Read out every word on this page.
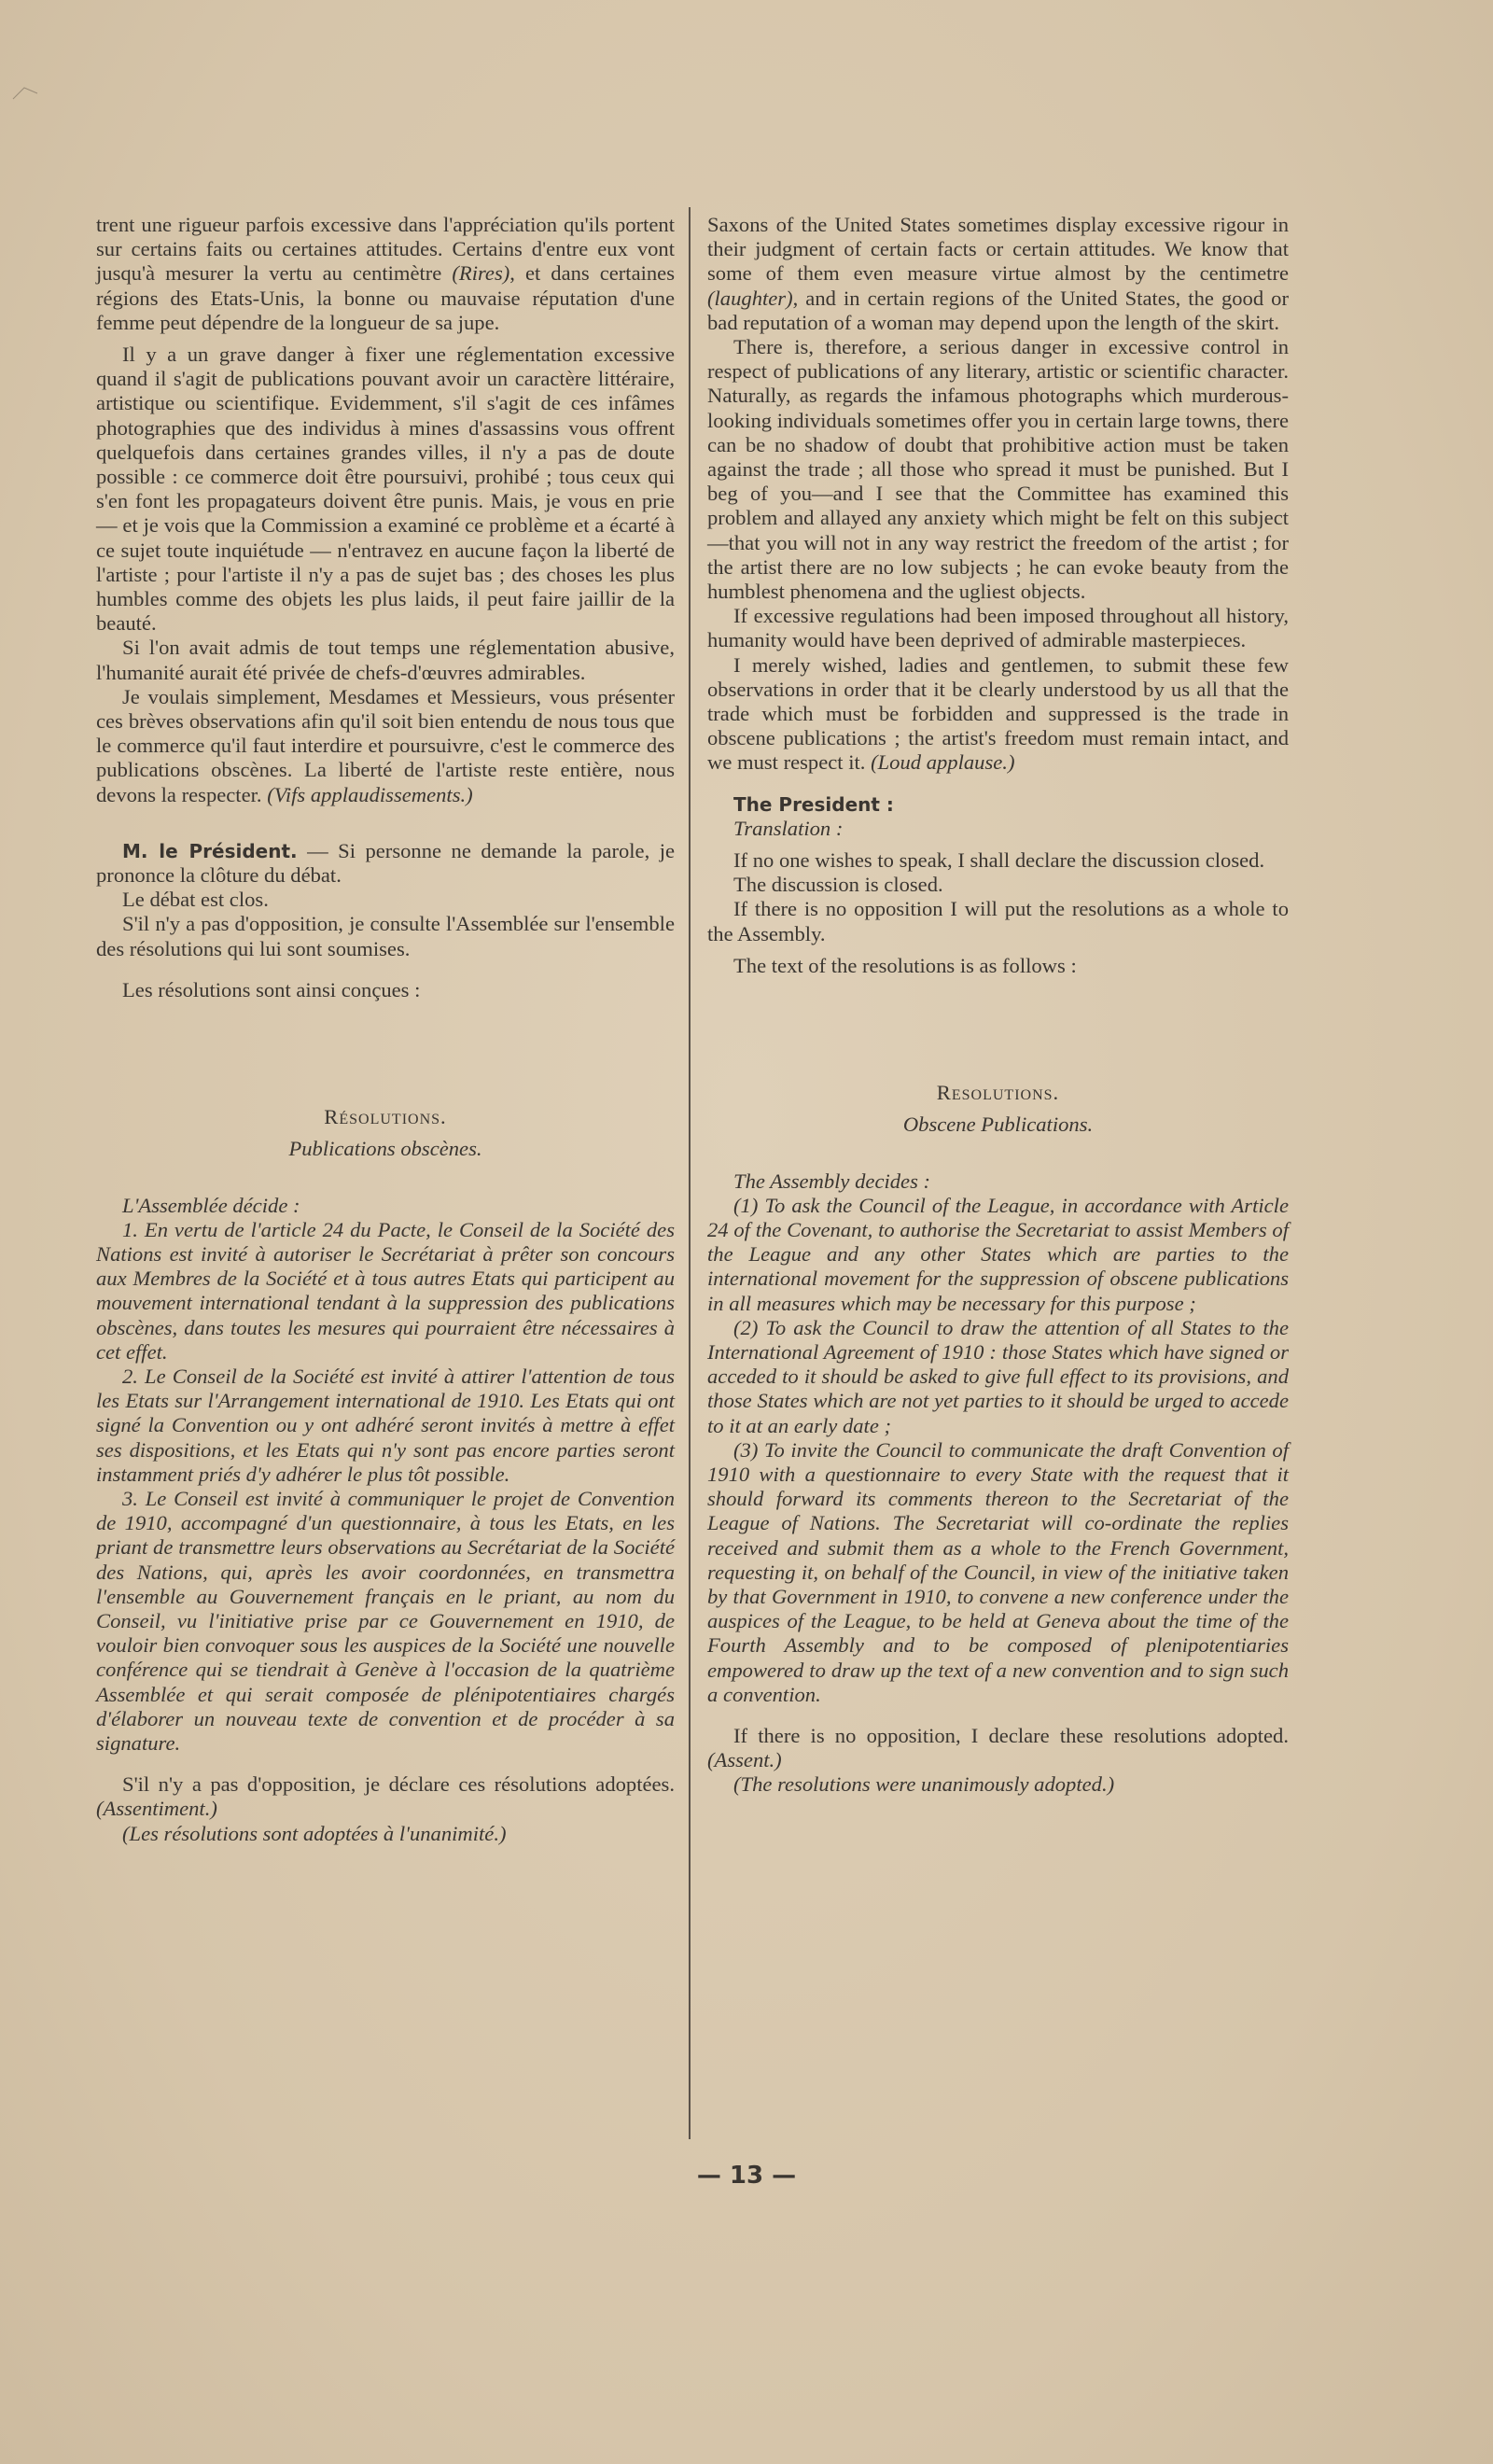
trent une rigueur parfois excessive dans l'appréciation qu'ils portent sur certains faits ou certaines attitudes. Certains d'entre eux vont jusqu'à mesurer la vertu au centimètre (Rires), et dans certaines régions des Etats-Unis, la bonne ou mauvaise réputation d'une femme peut dépendre de la longueur de sa jupe.

Il y a un grave danger à fixer une réglementation excessive quand il s'agit de publications pouvant avoir un caractère littéraire, artistique ou scientifique. Evidemment, s'il s'agit de ces infâmes photographies que des individus à mines d'assassins vous offrent quelquefois dans certaines grandes villes, il n'y a pas de doute possible : ce commerce doit être poursuivi, prohibé ; tous ceux qui s'en font les propagateurs doivent être punis. Mais, je vous en prie — et je vois que la Commission a examiné ce problème et a écarté à ce sujet toute inquiétude — n'entravez en aucune façon la liberté de l'artiste ; pour l'artiste il n'y a pas de sujet bas ; des choses les plus humbles comme des objets les plus laids, il peut faire jaillir de la beauté.

Si l'on avait admis de tout temps une réglementation abusive, l'humanité aurait été privée de chefs-d'œuvres admirables.

Je voulais simplement, Mesdames et Messieurs, vous présenter ces brèves observations afin qu'il soit bien entendu de nous tous que le commerce qu'il faut interdire et poursuivre, c'est le commerce des publications obscènes. La liberté de l'artiste reste entière, nous devons la respecter. (Vifs applaudissements.)

M. le Président. — Si personne ne demande la parole, je prononce la clôture du débat.

Le débat est clos.

S'il n'y a pas d'opposition, je consulte l'Assemblée sur l'ensemble des résolutions qui lui sont soumises.

Les résolutions sont ainsi conçues :

Résolutions.

Publications obscènes.

L'Assemblée décide :

1. En vertu de l'article 24 du Pacte, le Conseil de la Société des Nations est invité à autoriser le Secrétariat à prêter son concours aux Membres de la Société et à tous autres Etats qui participent au mouvement international tendant à la suppression des publications obscènes, dans toutes les mesures qui pourraient être nécessaires à cet effet.

2. Le Conseil de la Société est invité à attirer l'attention de tous les Etats sur l'Arrangement international de 1910. Les Etats qui ont signé la Convention ou y ont adhéré seront invités à mettre à effet ses dispositions, et les Etats qui n'y sont pas encore parties seront instamment priés d'y adhérer le plus tôt possible.

3. Le Conseil est invité à communiquer le projet de Convention de 1910, accompagné d'un questionnaire, à tous les Etats, en les priant de transmettre leurs observations au Secrétariat de la Société des Nations, qui, après les avoir coordonnées, en transmettra l'ensemble au Gouvernement français en le priant, au nom du Conseil, vu l'initiative prise par ce Gouvernement en 1910, de vouloir bien convoquer sous les auspices de la Société une nouvelle conférence qui se tiendrait à Genève à l'occasion de la quatrième Assemblée et qui serait composée de plénipotentiaires chargés d'élaborer un nouveau texte de convention et de procéder à sa signature.

S'il n'y a pas d'opposition, je déclare ces résolutions adoptées. (Assentiment.)

(Les résolutions sont adoptées à l'unanimité.)

Saxons of the United States sometimes display excessive rigour in their judgment of certain facts or certain attitudes. We know that some of them even measure virtue almost by the centimetre (laughter), and in certain regions of the United States, the good or bad reputation of a woman may depend upon the length of the skirt.

There is, therefore, a serious danger in excessive control in respect of publications of any literary, artistic or scientific character. Naturally, as regards the infamous photographs which murderous-looking individuals sometimes offer you in certain large towns, there can be no shadow of doubt that prohibitive action must be taken against the trade ; all those who spread it must be punished. But I beg of you—and I see that the Committee has examined this problem and allayed any anxiety which might be felt on this subject—that you will not in any way restrict the freedom of the artist ; for the artist there are no low subjects ; he can evoke beauty from the humblest phenomena and the ugliest objects.

If excessive regulations had been imposed throughout all history, humanity would have been deprived of admirable masterpieces.

I merely wished, ladies and gentlemen, to submit these few observations in order that it be clearly understood by us all that the trade which must be forbidden and suppressed is the trade in obscene publications ; the artist's freedom must remain intact, and we must respect it. (Loud applause.)

The President :

Translation :

If no one wishes to speak, I shall declare the discussion closed.

The discussion is closed.

If there is no opposition I will put the resolutions as a whole to the Assembly.

The text of the resolutions is as follows :

Resolutions.

Obscene Publications.

The Assembly decides :

(1) To ask the Council of the League, in accordance with Article 24 of the Covenant, to authorise the Secretariat to assist Members of the League and any other States which are parties to the international movement for the suppression of obscene publications in all measures which may be necessary for this purpose ;

(2) To ask the Council to draw the attention of all States to the International Agreement of 1910 : those States which have signed or acceded to it should be asked to give full effect to its provisions, and those States which are not yet parties to it should be urged to accede to it at an early date ;

(3) To invite the Council to communicate the draft Convention of 1910 with a questionnaire to every State with the request that it should forward its comments thereon to the Secretariat of the League of Nations. The Secretariat will co-ordinate the replies received and submit them as a whole to the French Government, requesting it, on behalf of the Council, in view of the initiative taken by that Government in 1910, to convene a new conference under the auspices of the League, to be held at Geneva about the time of the Fourth Assembly and to be composed of plenipotentiaries empowered to draw up the text of a new convention and to sign such a convention.

If there is no opposition, I declare these resolutions adopted. (Assent.)

(The resolutions were unanimously adopted.)

— 13 —
